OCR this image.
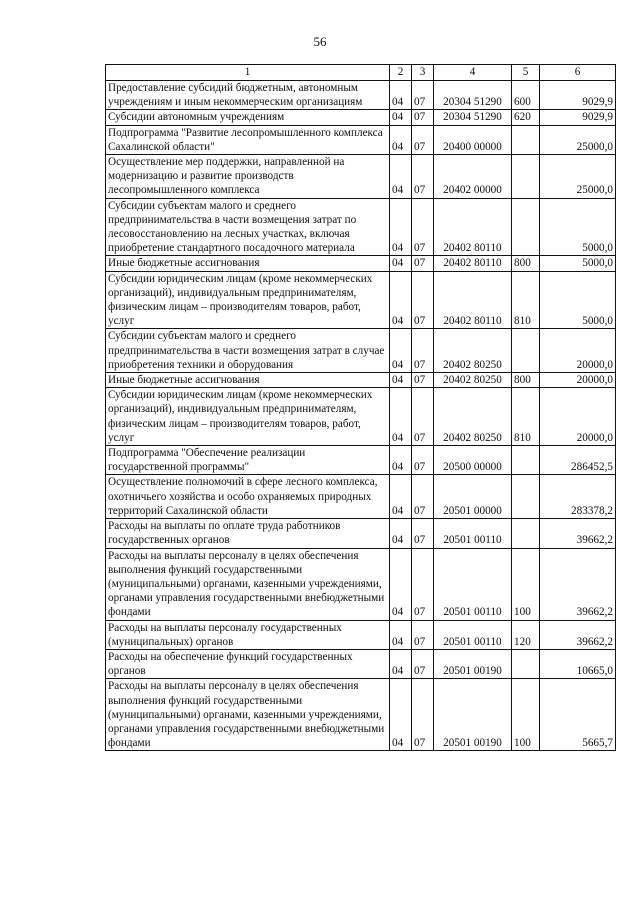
56
1	2	3	4	5	6
Предоставление субсидий бюджетным, автономным учреждениям и иным некоммерческим организациям	04	07	20304 51290	600	9029,9
Субсидии автономным учреждениям	04	07	20304 51290	620	9029,9
Подпрограмма "Развитие лесопромышленного комплекса Сахалинской области"	04	07	20400 00000		25000,0
Осуществление мер поддержки, направленной на модернизацию и развитие производств лесопромышленного комплекса	04	07	20402 00000		25000,0
Субсидии субъектам малого и среднего предпринимательства в части возмещения затрат по лесовосстановлению на лесных участках, включая приобретение стандартного посадочного материала	04	07	20402 80110		5000,0
Иные бюджетные ассигнования	04	07	20402 80110	800	5000,0
Субсидии юридическим лицам (кроме некоммерческих организаций), индивидуальным предпринимателям, физическим лицам – производителям товаров, работ, услуг	04	07	20402 80110	810	5000,0
Субсидии субъектам малого и среднего предпринимательства в части возмещения затрат в случае приобретения техники и оборудования	04	07	20402 80250		20000,0
Иные бюджетные ассигнования	04	07	20402 80250	800	20000,0
Субсидии юридическим лицам (кроме некоммерческих организаций), индивидуальным предпринимателям, физическим лицам – производителям товаров, работ, услуг	04	07	20402 80250	810	20000,0
Подпрограмма "Обеспечение реализации государственной программы"	04	07	20500 00000		286452,5
Осуществление полномочий в сфере лесного комплекса, охотничьего хозяйства и особо охраняемых природных территорий Сахалинской области	04	07	20501 00000		283378,2
Расходы на выплаты по оплате труда работников государственных органов	04	07	20501 00110		39662,2
Расходы на выплаты персоналу в целях обеспечения выполнения функций государственными (муниципальными) органами, казенными учреждениями, органами управления государственными внебюджетными фондами	04	07	20501 00110	100	39662,2
Расходы на выплаты персоналу государственных (муниципальных) органов	04	07	20501 00110	120	39662,2
Расходы на обеспечение функций государственных органов	04	07	20501 00190		10665,0
Расходы на выплаты персоналу в целях обеспечения выполнения функций государственными (муниципальными) органами, казенными учреждениями, органами управления государственными внебюджетными фондами	04	07	20501 00190	100	5665,7
